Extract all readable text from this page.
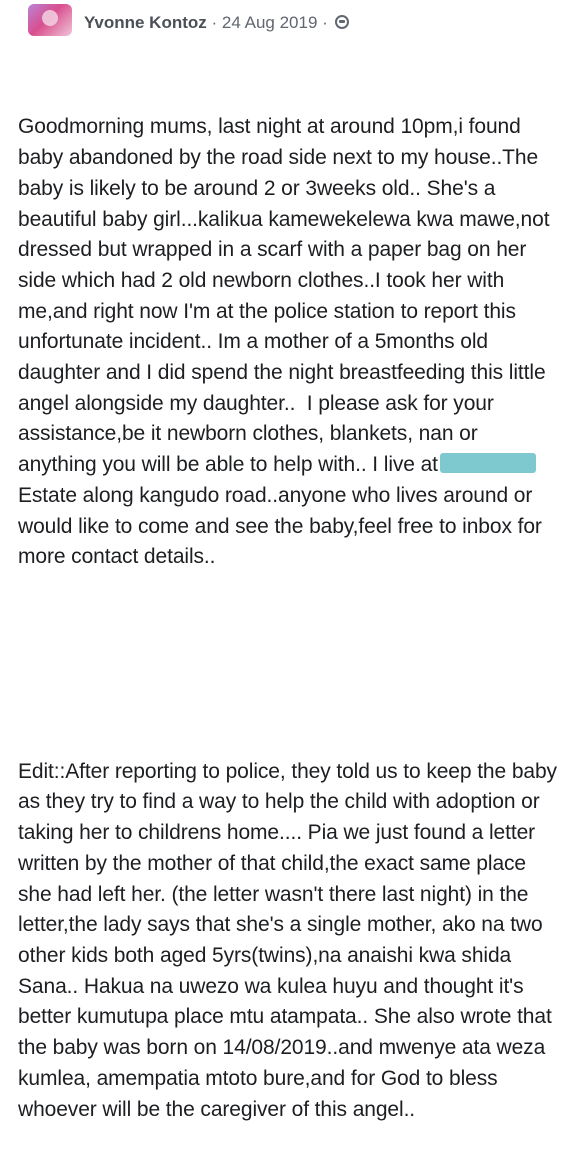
Yvonne Kontoz · 24 Aug 2019 ·

Goodmorning mums, last night at around 10pm,i found baby abandoned by the road side next to my house..The baby is likely to be around 2 or 3weeks old.. She's a  beautiful baby girl...kalikua kamewekelewa kwa mawe,not dressed but wrapped in a scarf with a paper bag on her side which had 2 old newborn clothes..I took her with me,and right now I'm at the police station to report this unfortunate incident.. Im a mother of a 5months old daughter and I did spend the night breastfeeding this little angel alongside my daughter..  I please ask for your assistance,be it newborn clothes, blankets, nan or anything you will be able to help with.. I live atEstate along kangudo road..anyone who lives around or would like to come and see the baby,feel free to inbox for more contact details..

Edit::After reporting to police, they told us to keep the baby as they try to find a way to help the child with adoption or taking her to childrens home.... Pia we just found a letter written by the mother of that child,the exact same place she had left her. (the letter wasn't there last night) in the letter,the lady says that she's a single mother, ako na two other kids both aged 5yrs(twins),na anaishi kwa shida Sana.. Hakua na uwezo wa kulea huyu and thought it's better kumutupa place mtu atampata.. She also wrote that the baby was born on 14/08/2019..and mwenye ata weza kumlea, amempatia mtoto bure,and for God to bless whoever will be the caregiver of this angel..
